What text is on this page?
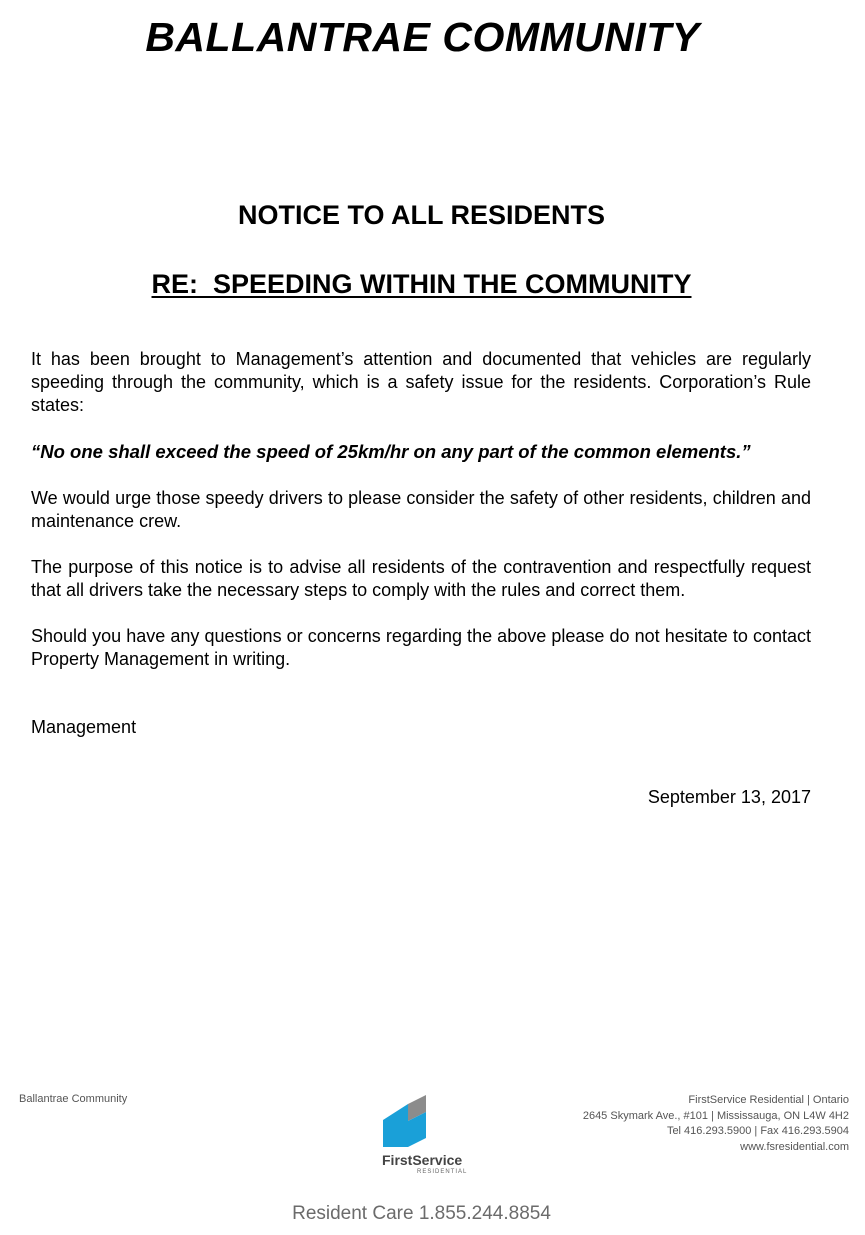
BALLANTRAE COMMUNITY
NOTICE TO ALL RESIDENTS
RE:  SPEEDING WITHIN THE COMMUNITY
It has been brought to Management’s attention and documented that vehicles are regularly speeding through the community, which is a safety issue for the residents. Corporation’s Rule states:
“No one shall exceed the speed of 25km/hr on any part of the common elements.”
We would urge those speedy drivers to please consider the safety of other residents, children and maintenance crew.
The purpose of this notice is to advise all residents of the contravention and respectfully request that all drivers take the necessary steps to comply with the rules and correct them.
Should you have any questions or concerns regarding the above please do not hesitate to contact Property Management in writing.
Management
September 13, 2017
Ballantrae Community
FirstService
RESIDENTIAL
FirstService Residential | Ontario
2645 Skymark Ave., #101 | Mississauga, ON L4W 4H2
Tel 416.293.5900 | Fax 416.293.5904
www.fsresidential.com
Resident Care 1.855.244.8854
